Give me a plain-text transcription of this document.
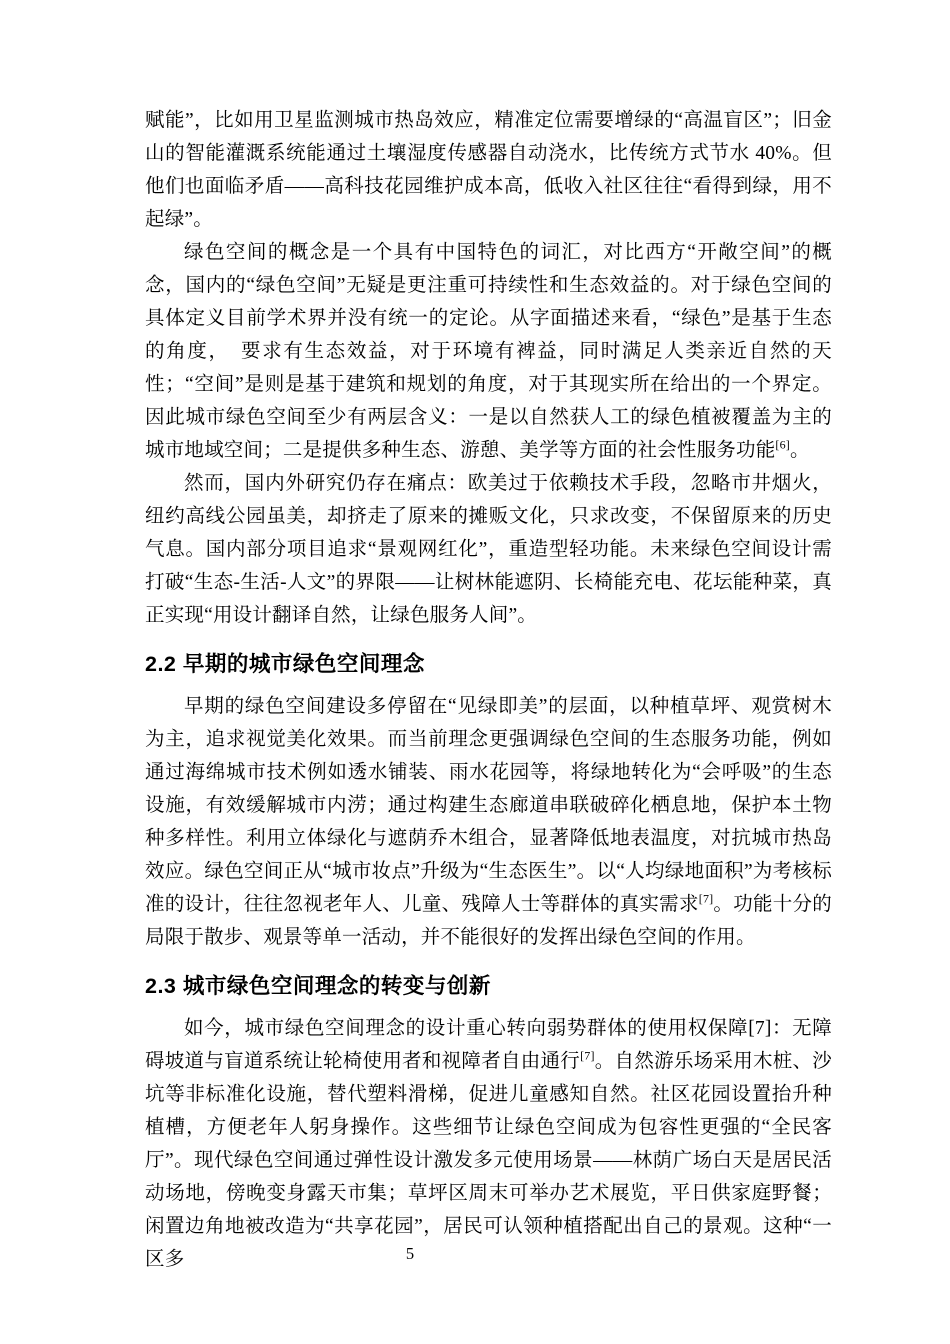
赋能”，比如用卫星监测城市热岛效应，精准定位需要增绿的“高温盲区”；旧金山的智能灌溉系统能通过土壤湿度传感器自动浇水，比传统方式节水 40%。但他们也面临矛盾——高科技花园维护成本高，低收入社区往往“看得到绿，用不起绿”。

绿色空间的概念是一个具有中国特色的词汇，对比西方“开敞空间”的概念，国内的“绿色空间”无疑是更注重可持续性和生态效益的。对于绿色空间的具体定义目前学术界并没有统一的定论。从字面描述来看，“绿色”是基于生态的角度，　要求有生态效益，对于环境有裨益，同时满足人类亲近自然的天性；“空间”是则是基于建筑和规划的角度，对于其现实所在给出的一个界定。因此城市绿色空间至少有两层含义：一是以自然获人工的绿色植被覆盖为主的城市地域空间；二是提供多种生态、游憩、美学等方面的社会性服务功能[6]。

然而，国内外研究仍存在痛点：欧美过于依赖技术手段，忽略市井烟火，纽约高线公园虽美，却挤走了原来的摊贩文化，只求改变，不保留原来的历史气息。国内部分项目追求“景观网红化”，重造型轻功能。未来绿色空间设计需打破“生态-生活-人文”的界限——让树林能遮阴、长椅能充电、花坛能种菜，真正实现“用设计翻译自然，让绿色服务人间”。

2.2 早期的城市绿色空间理念

早期的绿色空间建设多停留在“见绿即美”的层面，以种植草坪、观赏树木为主，追求视觉美化效果。而当前理念更强调绿色空间的生态服务功能，例如通过海绵城市技术例如透水铺装、雨水花园等，将绿地转化为“会呼吸”的生态设施，有效缓解城市内涝；通过构建生态廊道串联破碎化栖息地，保护本土物种多样性。利用立体绿化与遮荫乔木组合，显著降低地表温度，对抗城市热岛效应。绿色空间正从“城市妆点”升级为“生态医生”。以“人均绿地面积”为考核标准的设计，往往忽视老年人、儿童、残障人士等群体的真实需求[7]。功能十分的局限于散步、观景等单一活动，并不能很好的发挥出绿色空间的作用。

2.3 城市绿色空间理念的转变与创新

如今，城市绿色空间理念的设计重心转向弱势群体的使用权保障[7]：无障碍坡道与盲道系统让轮椅使用者和视障者自由通行[7]。自然游乐场采用木桩、沙坑等非标准化设施，替代塑料滑梯，促进儿童感知自然。社区花园设置抬升种植槽，方便老年人躬身操作。这些细节让绿色空间成为包容性更强的“全民客厅”。现代绿色空间通过弹性设计激发多元使用场景——林荫广场白天是居民活动场地，傍晚变身露天市集；草坪区周末可举办艺术展览，平日供家庭野餐；闲置边角地被改造为“共享花园”，居民可认领种植搭配出自己的景观。这种“一区多	5
